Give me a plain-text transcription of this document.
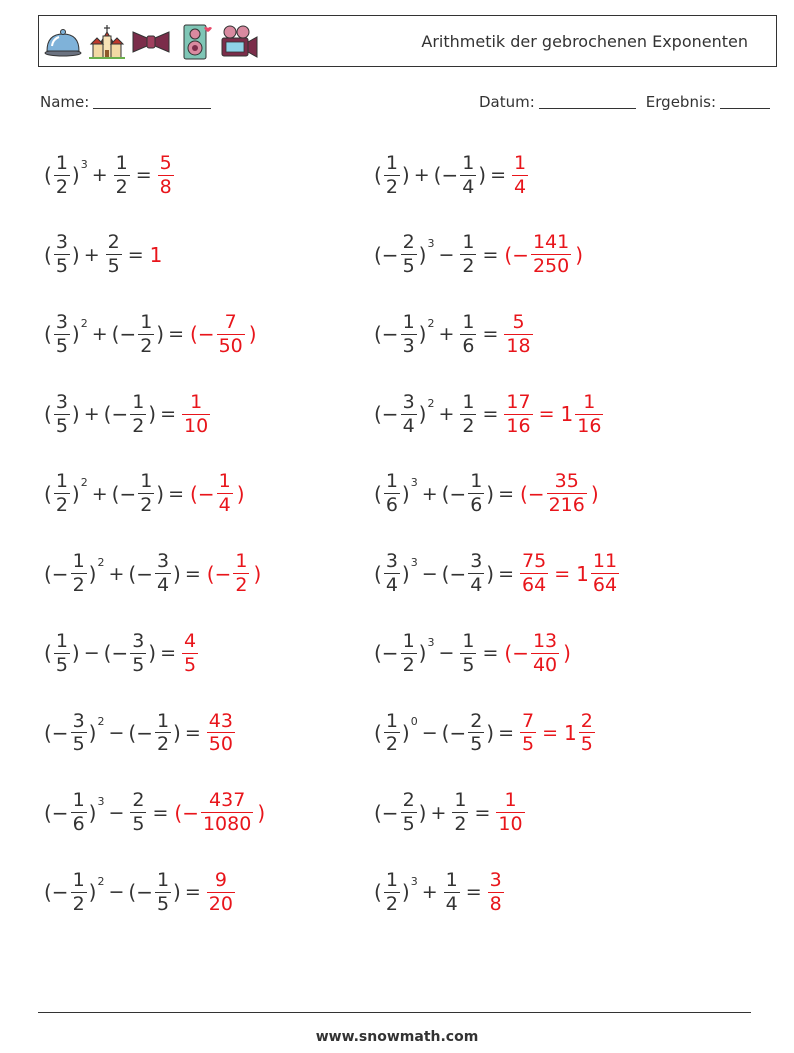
Arithmetik der gebrochenen Exponenten
Name:	Datum:	Ergebnis:
( $\frac{1}{2}$ ) $3 + \frac{1}{2} = \frac{5}{8}$	( $\frac{1}{2}$ ) + (− $\frac{1}{4}$ ) = $\frac{1}{4}$
( $\frac{3}{5}$ ) + $\frac{2}{5} = 1$	(− $\frac{2}{5}$ ) $3 - \frac{1}{2}$ = (− $\frac{141}{250}$ )
( $\frac{3}{5}$ ) 2 + (− $\frac{1}{2}$ ) = (− $\frac{7}{50}$ )	(− $\frac{1}{3}$ ) $2 + \frac{1}{6} = \frac{5}{18}$
( $\frac{3}{5}$ ) + (− $\frac{1}{2}$ ) = $\frac{1}{10}$	(− $\frac{3}{4}$ ) $2 + \frac{1}{2} = \frac{17}{16} = 1 \frac{1}{16}$
( $\frac{1}{2}$ ) 2 + (− $\frac{1}{2}$ ) = (− $\frac{1}{4}$ )	( $\frac{1}{6}$ ) 3 + (− $\frac{1}{6}$ ) = (− $\frac{35}{216}$ )
(− $\frac{1}{2}$ ) 2 + (− $\frac{3}{4}$ ) = (− $\frac{1}{2}$ )	( $\frac{3}{4}$ ) 3 − (− $\frac{3}{4}$ ) = $\frac{75}{64} = 1 \frac{11}{64}$
( $\frac{1}{5}$ ) − (− $\frac{3}{5}$ ) = $\frac{4}{5}$	(− $\frac{1}{2}$ ) $3 - \frac{1}{5}$ = (− $\frac{13}{40}$ )
(− $\frac{3}{5}$ ) 2 − (− $\frac{1}{2}$ ) = $\frac{43}{50}$	( $\frac{1}{2}$ ) 0 − (− $\frac{2}{5}$ ) = $\frac{7}{5} = 1 \frac{2}{5}$
(− $\frac{1}{6}$ ) $3 - \frac{2}{5}$ = (− $\frac{437}{1080}$ )	(− $\frac{2}{5}$ ) + $\frac{1}{2} = \frac{1}{10}$
(− $\frac{1}{2}$ ) 2 − (− $\frac{1}{5}$ ) = $\frac{9}{20}$	( $\frac{1}{2}$ ) $3 + \frac{1}{4} = \frac{3}{8}$
www.snowmath.com
